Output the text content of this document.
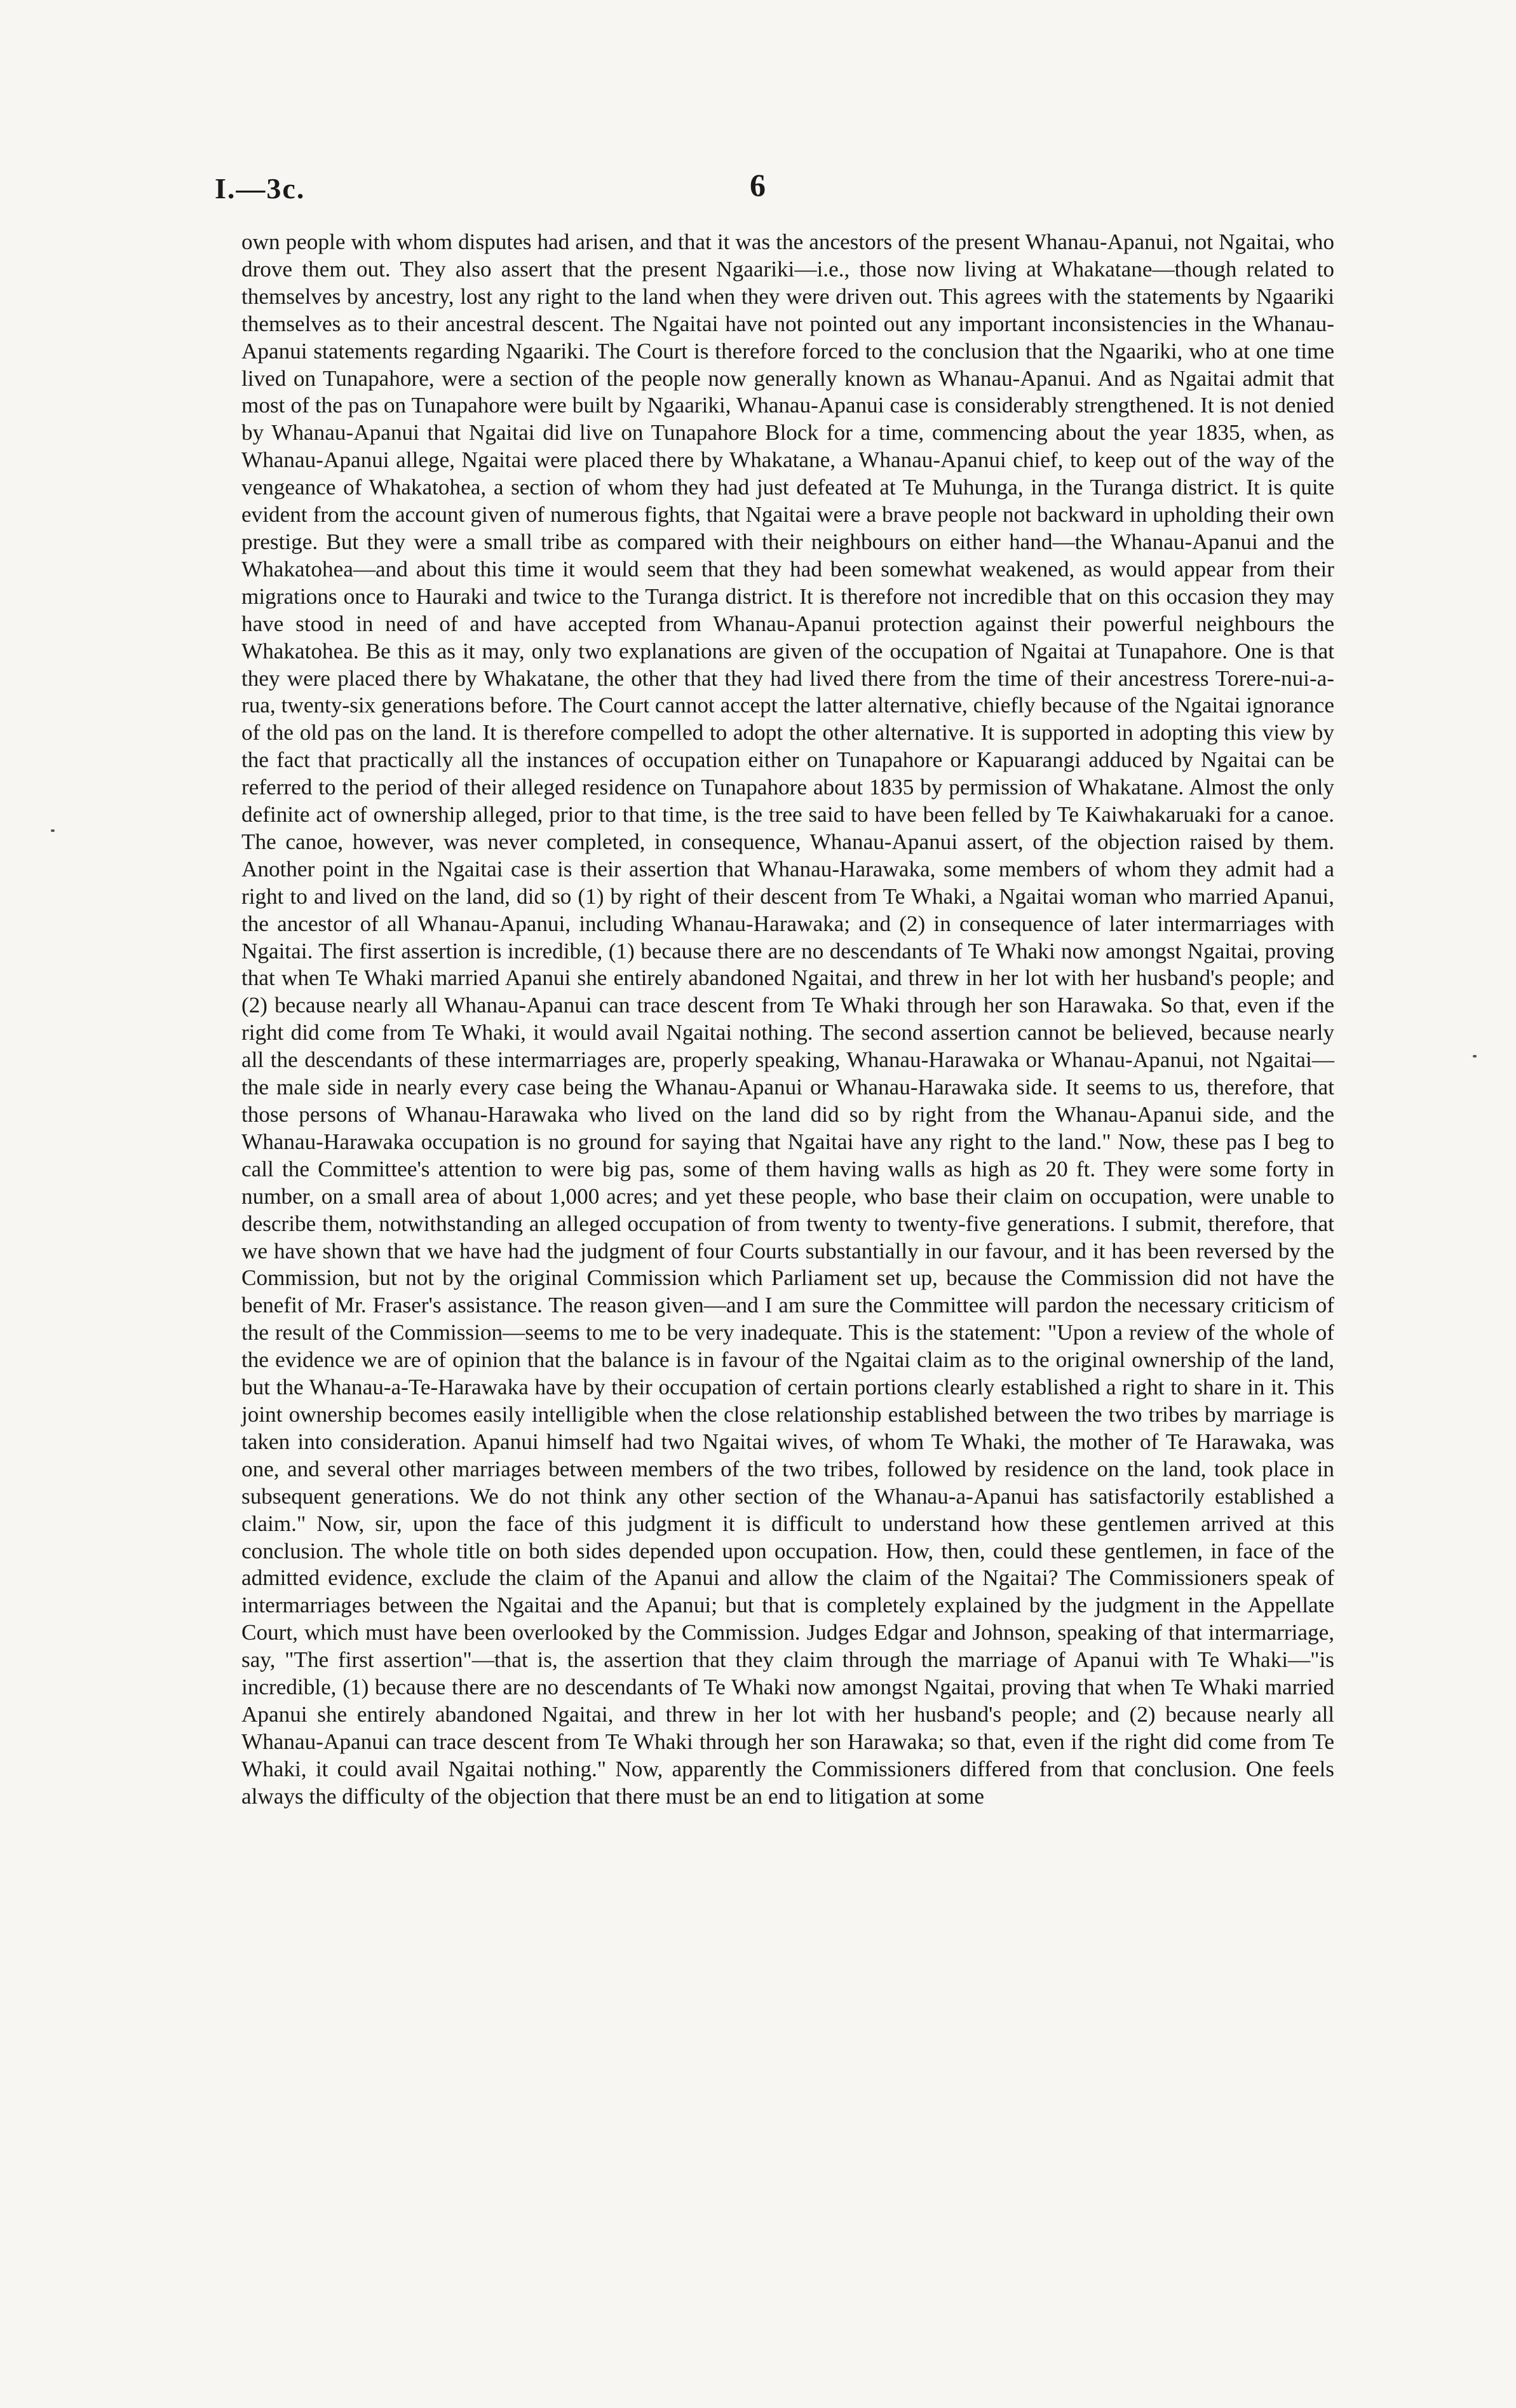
I.—3c.	6

own people with whom disputes had arisen, and that it was the ancestors of the present Whanau-Apanui, not Ngaitai, who drove them out. They also assert that the present Ngaariki—i.e., those now living at Whakatane—though related to themselves by ancestry, lost any right to the land when they were driven out. This agrees with the statements by Ngaariki themselves as to their ancestral descent. The Ngaitai have not pointed out any important inconsistencies in the Whanau-Apanui statements regarding Ngaariki. The Court is therefore forced to the conclusion that the Ngaariki, who at one time lived on Tunapahore, were a section of the people now generally known as Whanau-Apanui. And as Ngaitai admit that most of the pas on Tunapahore were built by Ngaariki, Whanau-Apanui case is considerably strengthened. It is not denied by Whanau-Apanui that Ngaitai did live on Tunapahore Block for a time, commencing about the year 1835, when, as Whanau-Apanui allege, Ngaitai were placed there by Whakatane, a Whanau-Apanui chief, to keep out of the way of the vengeance of Whakatohea, a section of whom they had just defeated at Te Muhunga, in the Turanga district. It is quite evident from the account given of numerous fights, that Ngaitai were a brave people not backward in upholding their own prestige. But they were a small tribe as compared with their neighbours on either hand—the Whanau-Apanui and the Whakatohea—and about this time it would seem that they had been somewhat weakened, as would appear from their migrations once to Hauraki and twice to the Turanga district. It is therefore not incredible that on this occasion they may have stood in need of and have accepted from Whanau-Apanui protection against their powerful neighbours the Whakatohea. Be this as it may, only two explanations are given of the occupation of Ngaitai at Tunapahore. One is that they were placed there by Whakatane, the other that they had lived there from the time of their ancestress Torere-nui-a-rua, twenty-six generations before. The Court cannot accept the latter alternative, chiefly because of the Ngaitai ignorance of the old pas on the land. It is therefore compelled to adopt the other alternative. It is supported in adopting this view by the fact that practically all the instances of occupation either on Tunapahore or Kapuarangi adduced by Ngaitai can be referred to the period of their alleged residence on Tunapahore about 1835 by permission of Whakatane. Almost the only definite act of ownership alleged, prior to that time, is the tree said to have been felled by Te Kaiwhakaruaki for a canoe. The canoe, however, was never completed, in consequence, Whanau-Apanui assert, of the objection raised by them. Another point in the Ngaitai case is their assertion that Whanau-Harawaka, some members of whom they admit had a right to and lived on the land, did so (1) by right of their descent from Te Whaki, a Ngaitai woman who married Apanui, the ancestor of all Whanau-Apanui, including Whanau-Harawaka; and (2) in consequence of later intermarriages with Ngaitai. The first assertion is incredible, (1) because there are no descendants of Te Whaki now amongst Ngaitai, proving that when Te Whaki married Apanui she entirely abandoned Ngaitai, and threw in her lot with her husband's people; and (2) because nearly all Whanau-Apanui can trace descent from Te Whaki through her son Harawaka. So that, even if the right did come from Te Whaki, it would avail Ngaitai nothing. The second assertion cannot be believed, because nearly all the descendants of these intermarriages are, properly speaking, Whanau-Harawaka or Whanau-Apanui, not Ngaitai—the male side in nearly every case being the Whanau-Apanui or Whanau-Harawaka side. It seems to us, therefore, that those persons of Whanau-Harawaka who lived on the land did so by right from the Whanau-Apanui side, and the Whanau-Harawaka occupation is no ground for saying that Ngaitai have any right to the land." Now, these pas I beg to call the Committee's attention to were big pas, some of them having walls as high as 20 ft. They were some forty in number, on a small area of about 1,000 acres; and yet these people, who base their claim on occupation, were unable to describe them, notwithstanding an alleged occupation of from twenty to twenty-five generations. I submit, therefore, that we have shown that we have had the judgment of four Courts substantially in our favour, and it has been reversed by the Commission, but not by the original Commission which Parliament set up, because the Commission did not have the benefit of Mr. Fraser's assistance. The reason given—and I am sure the Committee will pardon the necessary criticism of the result of the Commission—seems to me to be very inadequate. This is the statement: "Upon a review of the whole of the evidence we are of opinion that the balance is in favour of the Ngaitai claim as to the original ownership of the land, but the Whanau-a-Te-Harawaka have by their occupation of certain portions clearly established a right to share in it. This joint ownership becomes easily intelligible when the close relationship established between the two tribes by marriage is taken into consideration. Apanui himself had two Ngaitai wives, of whom Te Whaki, the mother of Te Harawaka, was one, and several other marriages between members of the two tribes, followed by residence on the land, took place in subsequent generations. We do not think any other section of the Whanau-a-Apanui has satisfactorily established a claim." Now, sir, upon the face of this judgment it is difficult to understand how these gentlemen arrived at this conclusion. The whole title on both sides depended upon occupation. How, then, could these gentlemen, in face of the admitted evidence, exclude the claim of the Apanui and allow the claim of the Ngaitai? The Commissioners speak of intermarriages between the Ngaitai and the Apanui; but that is completely explained by the judgment in the Appellate Court, which must have been overlooked by the Commission. Judges Edgar and Johnson, speaking of that intermarriage, say, "The first assertion"—that is, the assertion that they claim through the marriage of Apanui with Te Whaki—"is incredible, (1) because there are no descendants of Te Whaki now amongst Ngaitai, proving that when Te Whaki married Apanui she entirely abandoned Ngaitai, and threw in her lot with her husband's people; and (2) because nearly all Whanau-Apanui can trace descent from Te Whaki through her son Harawaka; so that, even if the right did come from Te Whaki, it could avail Ngaitai nothing." Now, apparently the Commissioners differed from that conclusion. One feels always the difficulty of the objection that there must be an end to litigation at some
